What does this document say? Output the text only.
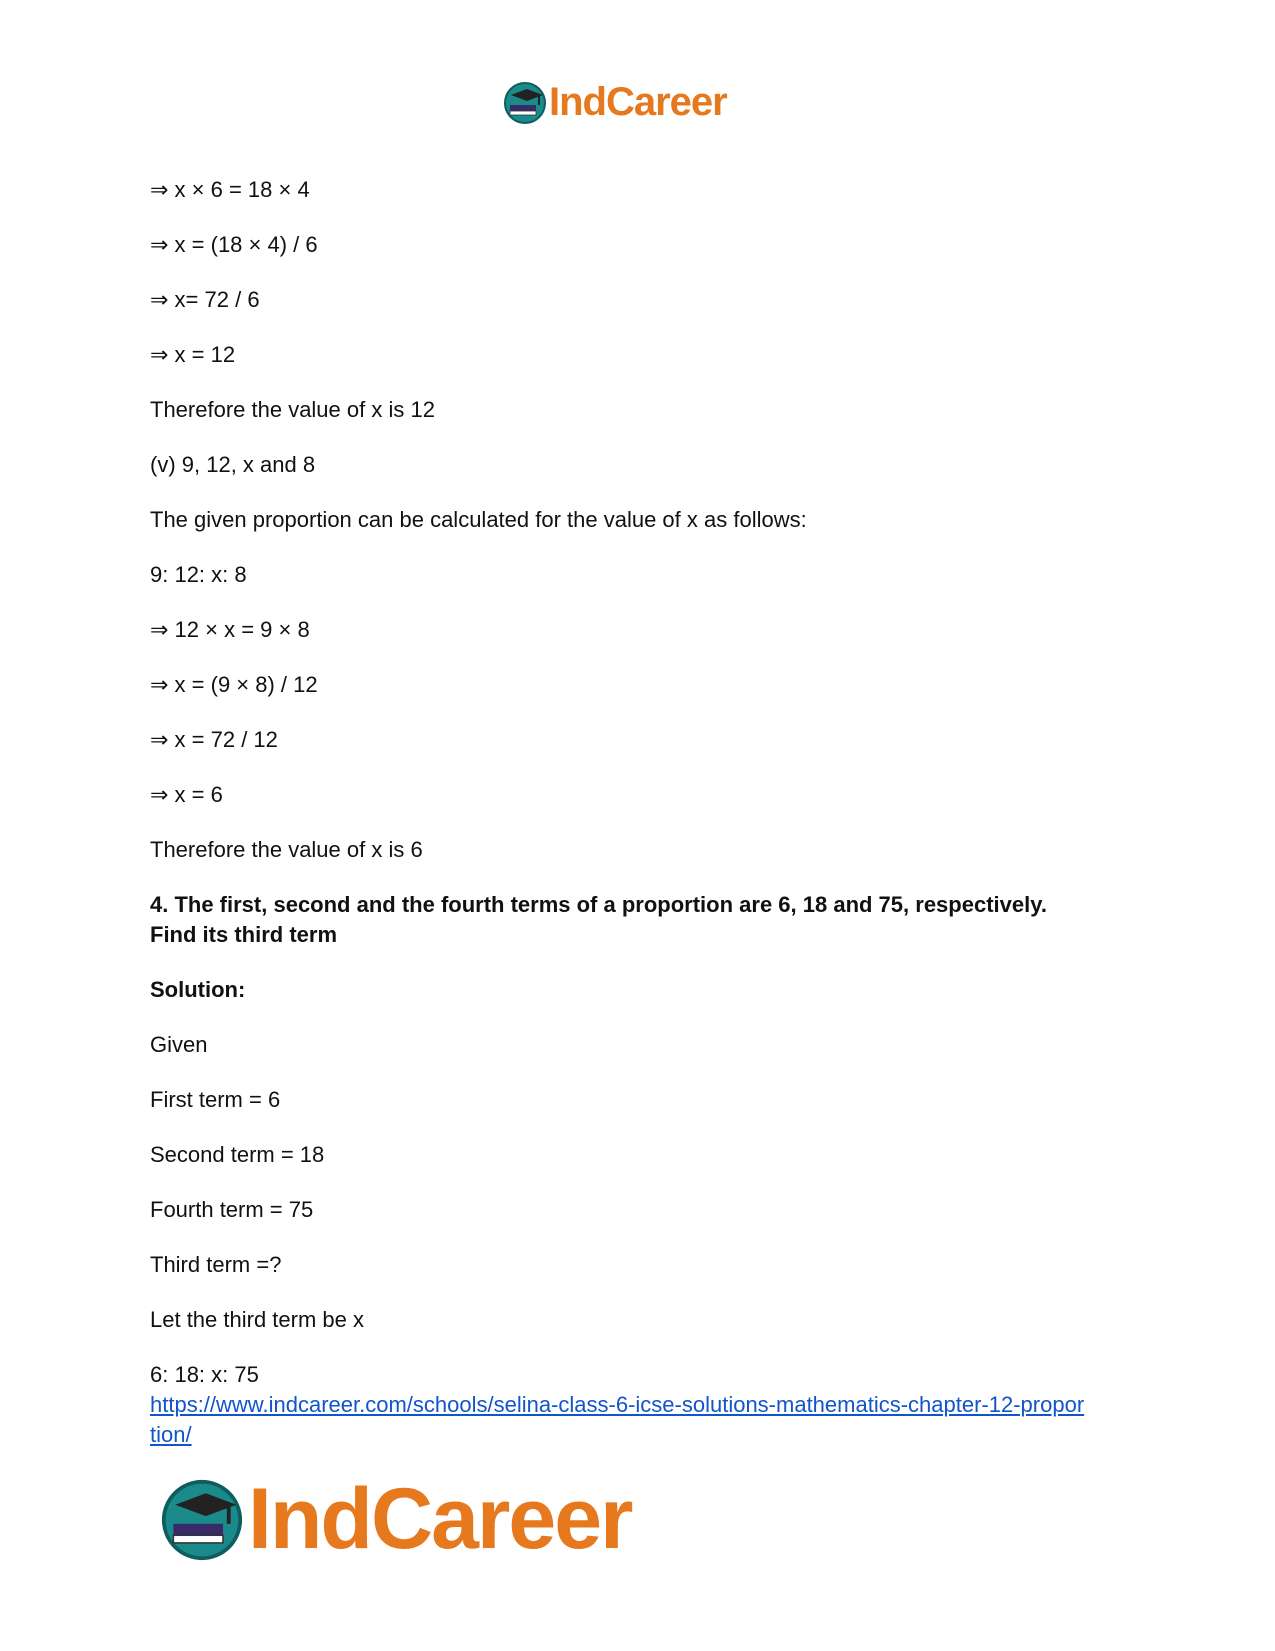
IndCareer
⇒ x × 6 = 18 × 4
⇒ x = (18 × 4) / 6
⇒ x= 72 / 6
⇒ x = 12
Therefore the value of x is 12
(v) 9, 12, x and 8
The given proportion can be calculated for the value of x as follows:
9: 12: x: 8
⇒ 12 × x = 9 × 8
⇒ x = (9 × 8) / 12
⇒ x = 72 / 12
⇒ x = 6
Therefore the value of x is 6
4. The first, second and the fourth terms of a proportion are 6, 18 and 75, respectively.
Find its third term
Solution:
Given
First term = 6
Second term = 18
Fourth term = 75
Third term =?
Let the third term be x
6: 18: x: 75
https://www.indcareer.com/schools/selina-class-6-icse-solutions-mathematics-chapter-12-propor
tion/
IndCareer
